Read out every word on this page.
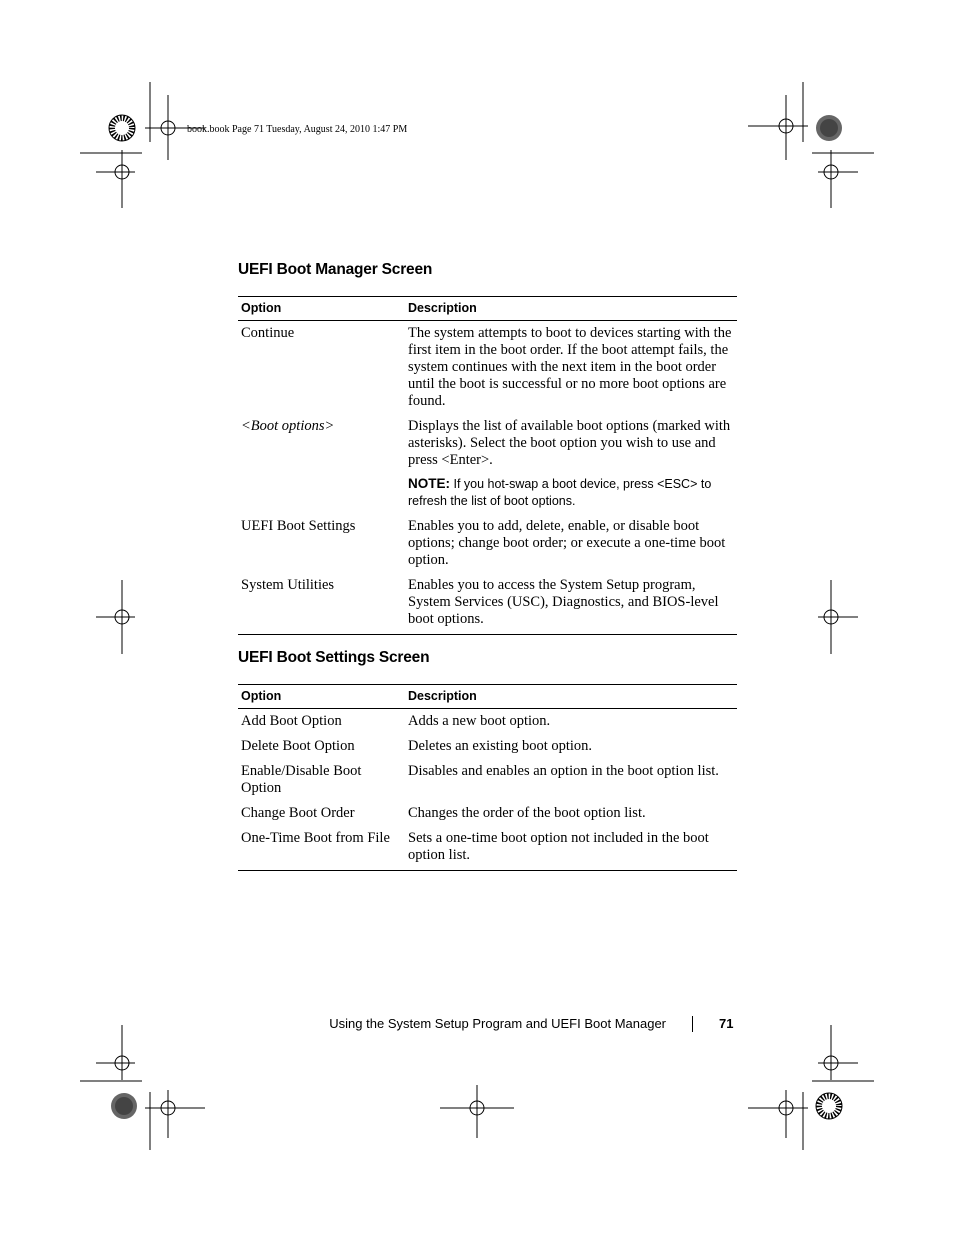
book.book Page 71 Tuesday, August 24, 2010 1:47 PM
UEFI Boot Manager Screen
Option	Description
Continue	The system attempts to boot to devices starting with the first item in the boot order. If the boot attempt fails, the system continues with the next item in the boot order until the boot is successful or no more boot options are found.
<Boot options>	Displays the list of available boot options (marked with asterisks). Select the boot option you wish to use and press <Enter>.
NOTE: If you hot-swap a boot device, press <ESC> to refresh the list of boot options.

UEFI Boot Settings	Enables you to add, delete, enable, or disable boot options; change boot order; or execute a one-time boot option.
System Utilities	Enables you to access the System Setup program, System Services (USC), Diagnostics, and BIOS-level boot options.
UEFI Boot Settings Screen
Option	Description
Add Boot Option	Adds a new boot option.
Delete Boot Option	Deletes an existing boot option.
Enable/Disable Boot Option	Disables and enables an option in the boot option list.
Change Boot Order	Changes the order of the boot option list.
One-Time Boot from File	Sets a one-time boot option not included in the boot option list.
Using the System Setup Program and UEFI Boot Manager	71
